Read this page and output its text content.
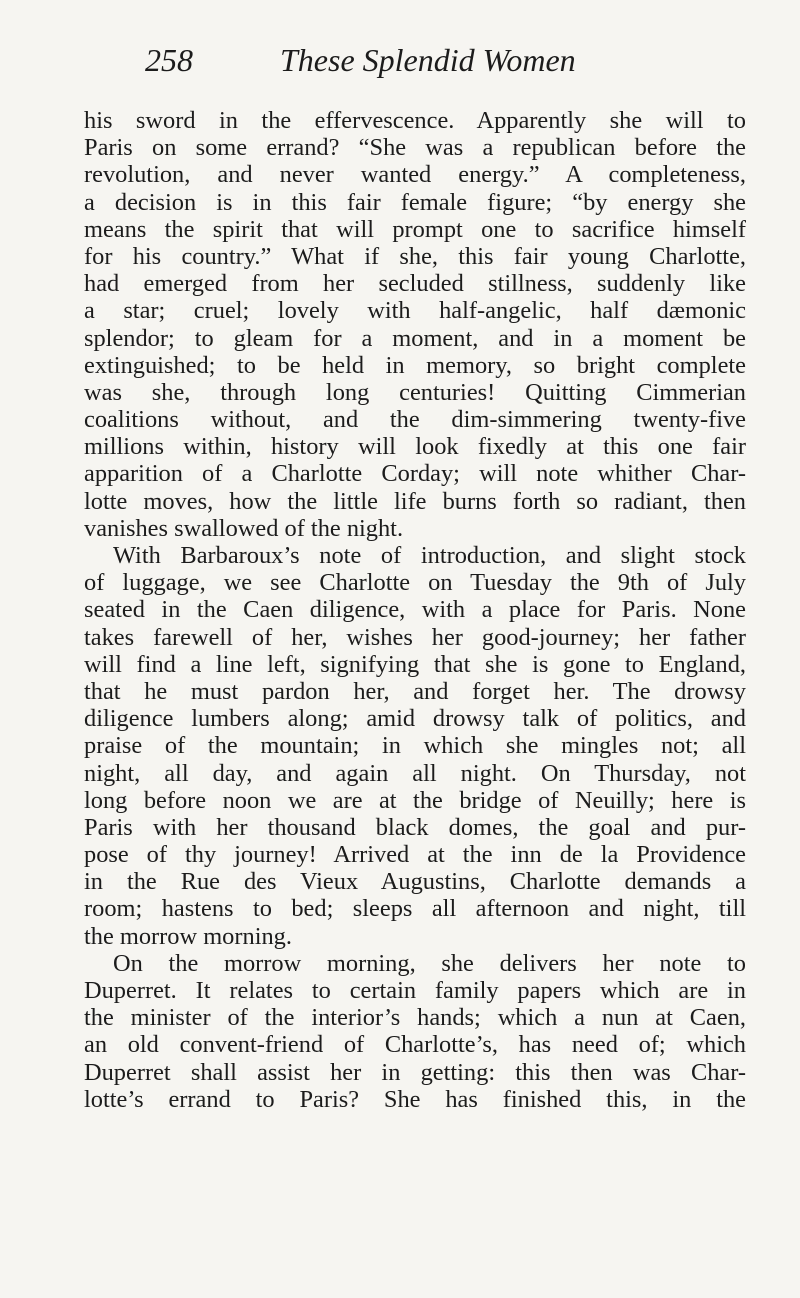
258	These Splendid Women
his sword in the effervescence. Apparently she will to
Paris on some errand? “She was a republican before the
revolution, and never wanted energy.” A completeness,
a decision is in this fair female figure; “by energy she
means the spirit that will prompt one to sacrifice himself
for his country.” What if she, this fair young Charlotte,
had emerged from her secluded stillness, suddenly like
a star; cruel; lovely with half-angelic, half dæmonic
splendor; to gleam for a moment, and in a moment be
extinguished; to be held in memory, so bright complete
was she, through long centuries! Quitting Cimmerian
coalitions without, and the dim-simmering twenty-five
millions within, history will look fixedly at this one fair
apparition of a Charlotte Corday; will note whither Char-
lotte moves, how the little life burns forth so radiant, then
vanishes swallowed of the night.
With Barbaroux’s note of introduction, and slight stock
of luggage, we see Charlotte on Tuesday the 9th of July
seated in the Caen diligence, with a place for Paris. None
takes farewell of her, wishes her good-journey; her father
will find a line left, signifying that she is gone to England,
that he must pardon her, and forget her. The drowsy
diligence lumbers along; amid drowsy talk of politics, and
praise of the mountain; in which she mingles not; all
night, all day, and again all night. On Thursday, not
long before noon we are at the bridge of Neuilly; here is
Paris with her thousand black domes, the goal and pur-
pose of thy journey! Arrived at the inn de la Providence
in the Rue des Vieux Augustins, Charlotte demands a
room; hastens to bed; sleeps all afternoon and night, till
the morrow morning.
On the morrow morning, she delivers her note to
Duperret. It relates to certain family papers which are in
the minister of the interior’s hands; which a nun at Caen,
an old convent-friend of Charlotte’s, has need of; which
Duperret shall assist her in getting: this then was Char-
lotte’s errand to Paris? She has finished this, in the
